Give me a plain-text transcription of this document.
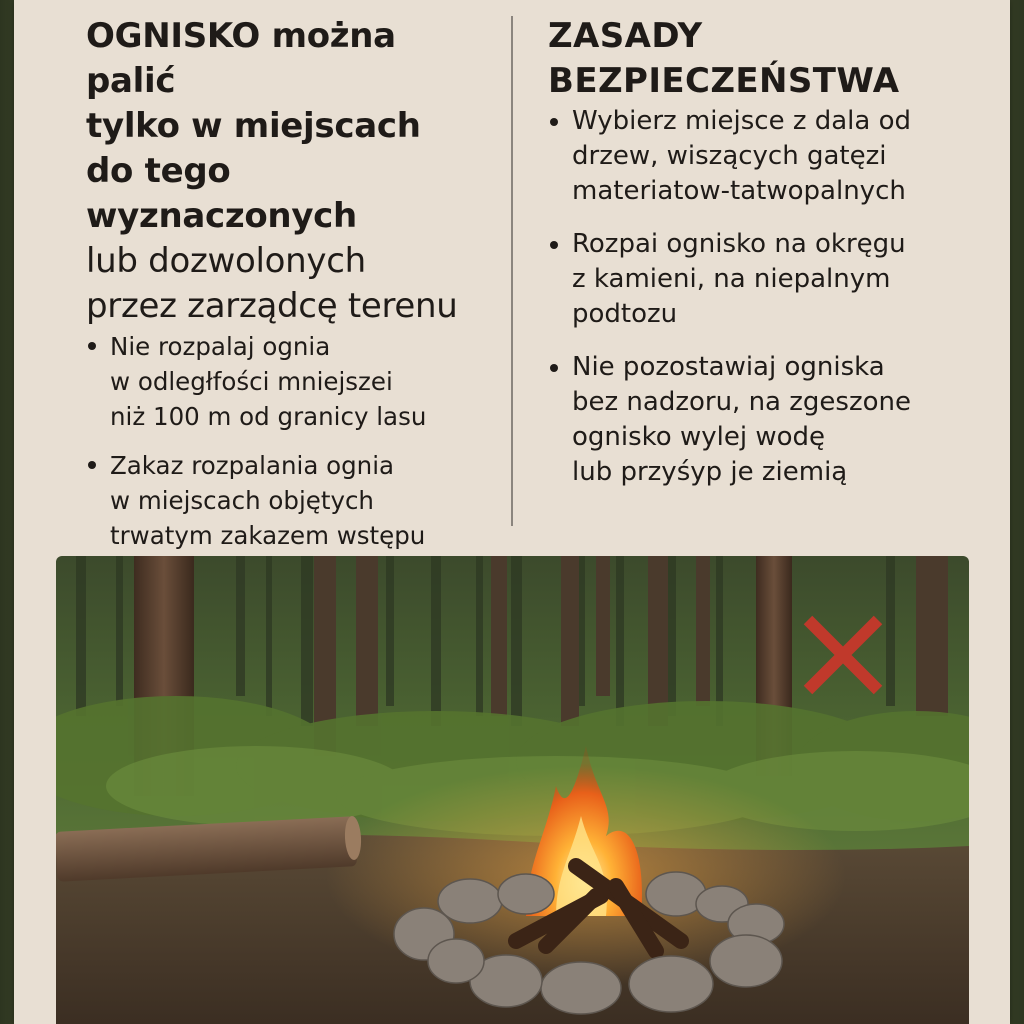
OGNISKO można palić
tylko w miejscach
do tego wyznaczonych
lub dozwolonych
przez zarządcę terenu
Nie rozpalaj ognia
w odległfości mniejszei
niż 100 m od granicy lasu
Zakaz rozpalania ognia
w miejscach objętych
trwatym zakazem wstępu
ZASADY
BEZPIECZEŃSTWA
Wybierz miejsce z dala od
drzew, wiszących gatęzi
materiatow-tatwopalnych
Rozpai ognisko na okręgu
z kamieni, na niepalnym
podtozu
Nie pozostawiaj ogniska
bez nadzoru, na zgeszone
ognisko wylej wodę
lub przyśyp je ziemią
